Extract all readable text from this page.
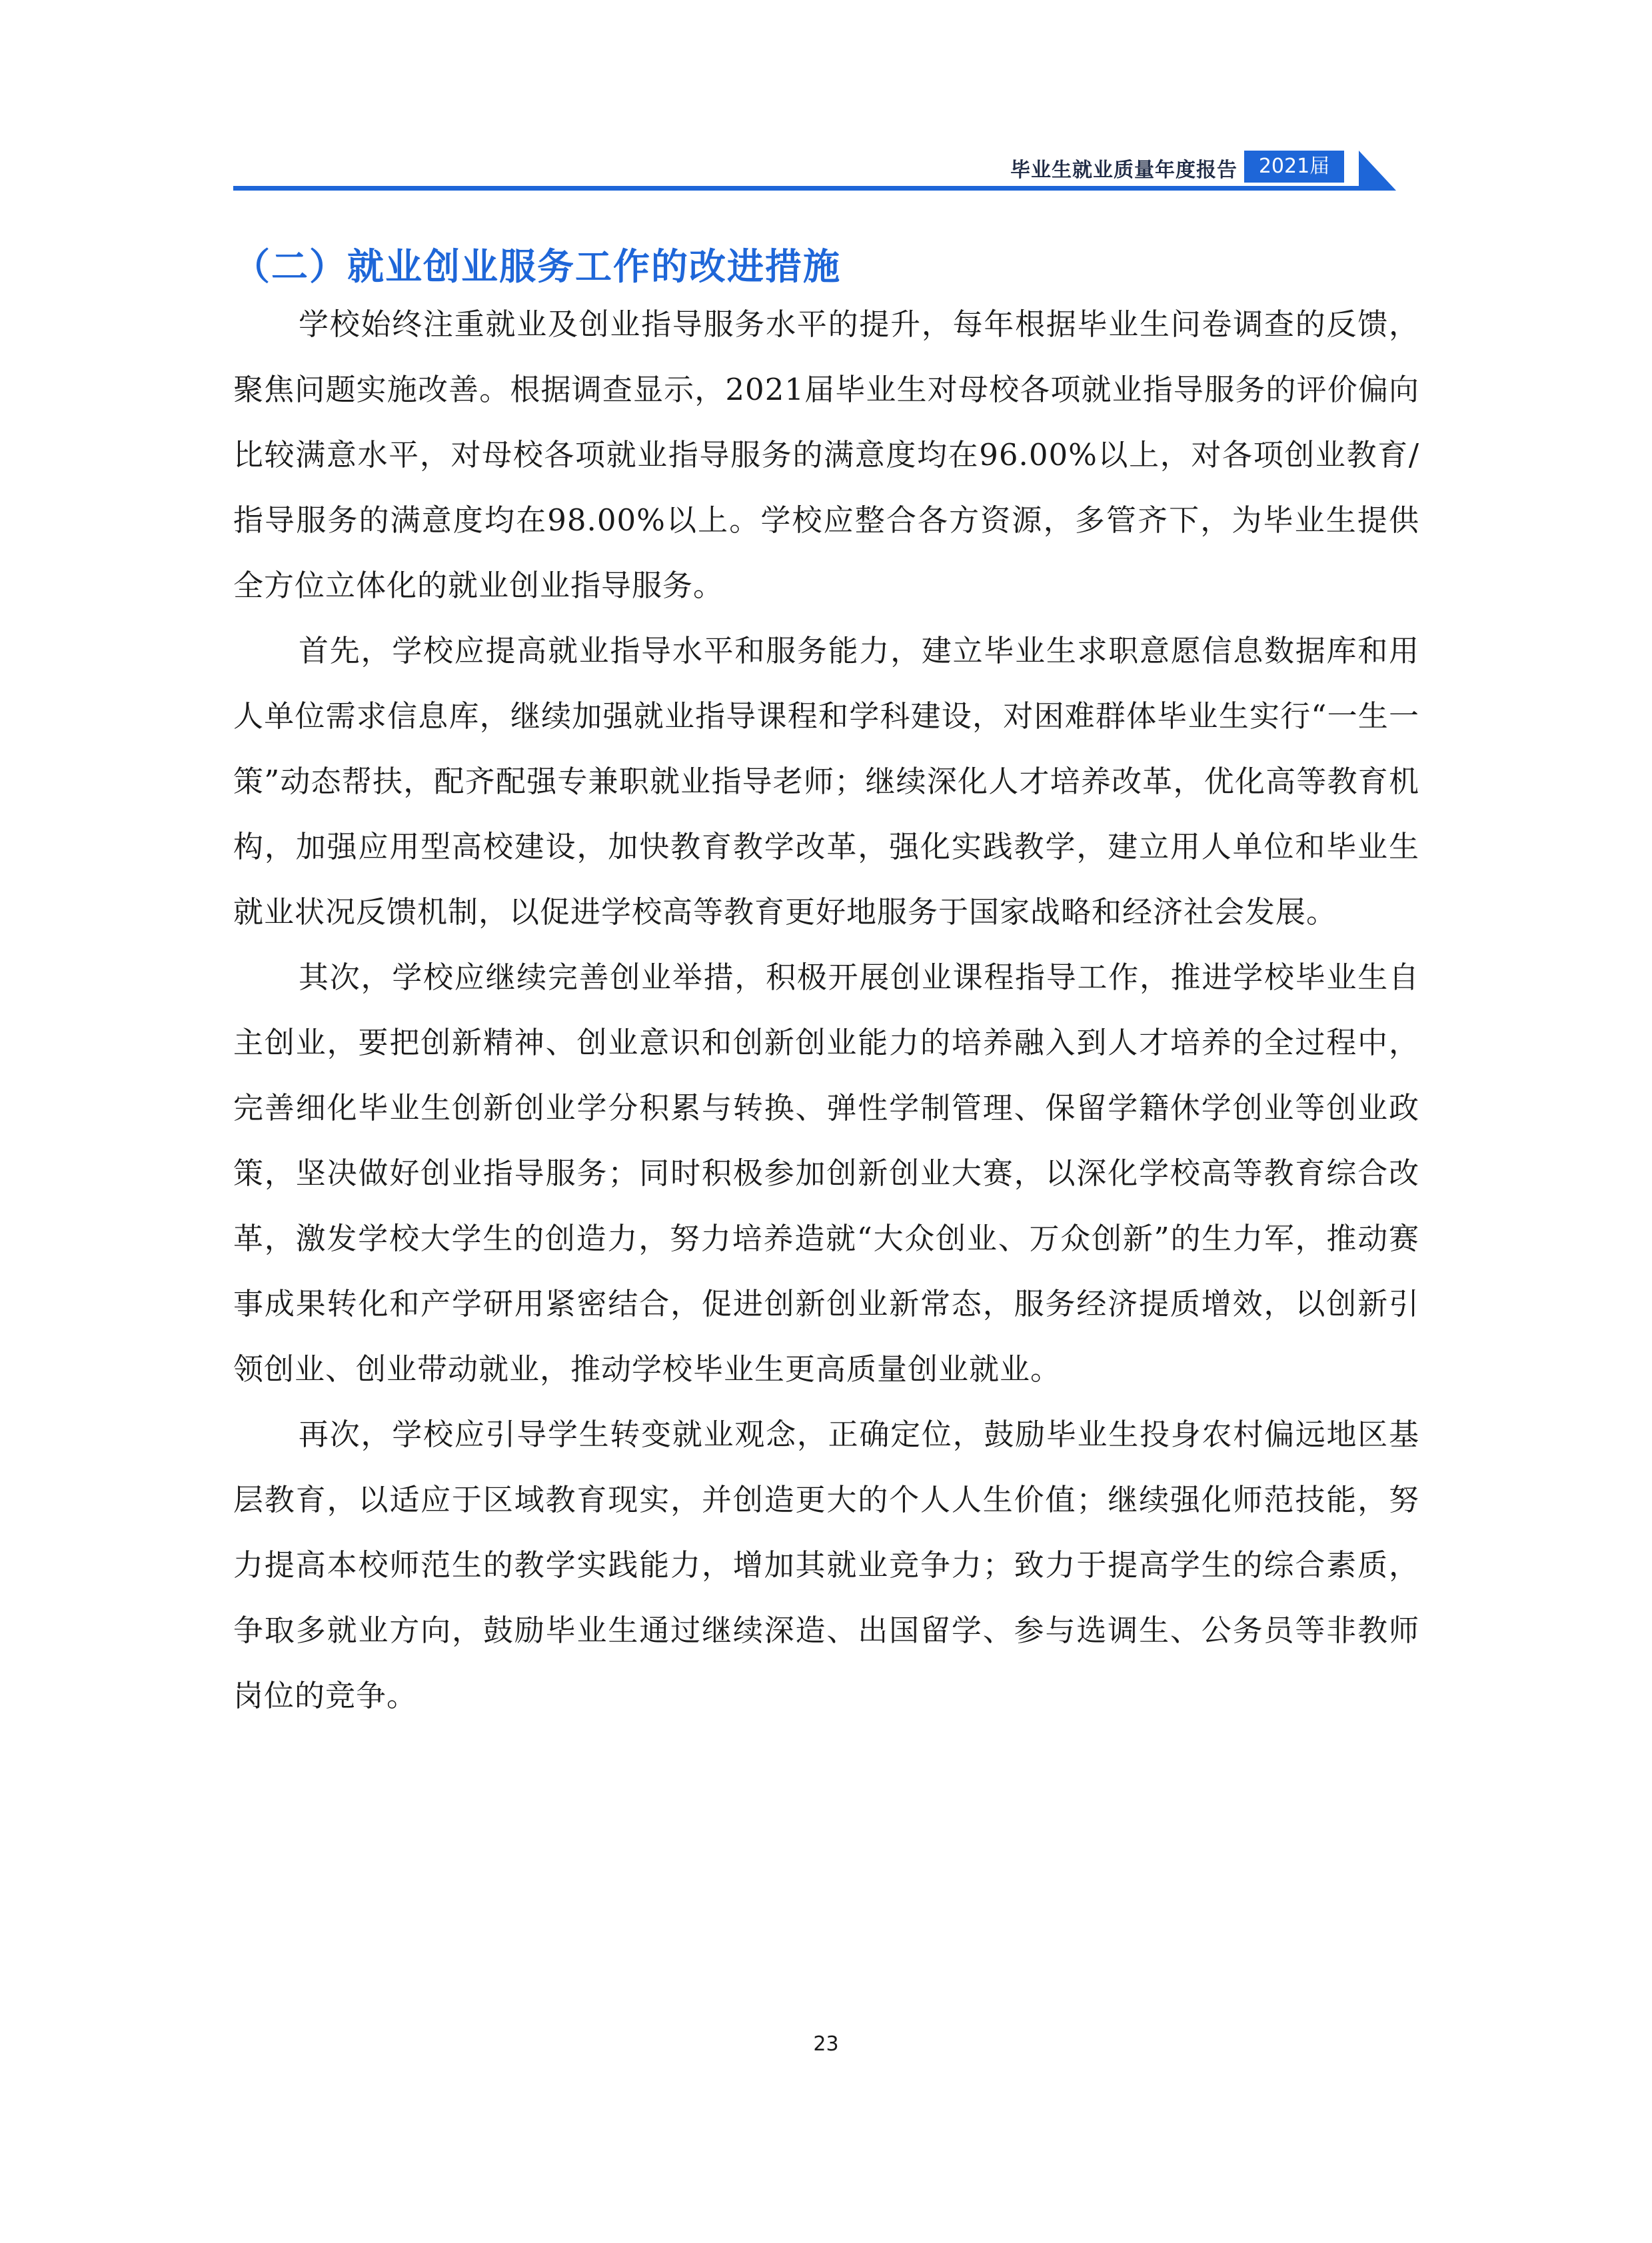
毕业生就业质量年度报告	2021届
（二）就业创业服务工作的改进措施

学校始终注重就业及创业指导服务水平的提升，每年根据毕业生问卷调查的反馈，聚焦问题实施改善。根据调查显示，2021届毕业生对母校各项就业指导服务的评价偏向比较满意水平，对母校各项就业指导服务的满意度均在96.00%以上，对各项创业教育/指导服务的满意度均在98.00%以上。学校应整合各方资源，多管齐下，为毕业生提供全方位立体化的就业创业指导服务。

首先，学校应提高就业指导水平和服务能力，建立毕业生求职意愿信息数据库和用人单位需求信息库，继续加强就业指导课程和学科建设，对困难群体毕业生实行“一生一策”动态帮扶，配齐配强专兼职就业指导老师；继续深化人才培养改革，优化高等教育机构，加强应用型高校建设，加快教育教学改革，强化实践教学，建立用人单位和毕业生就业状况反馈机制，以促进学校高等教育更好地服务于国家战略和经济社会发展。

其次，学校应继续完善创业举措，积极开展创业课程指导工作，推进学校毕业生自主创业，要把创新精神、创业意识和创新创业能力的培养融入到人才培养的全过程中，完善细化毕业生创新创业学分积累与转换、弹性学制管理、保留学籍休学创业等创业政策，坚决做好创业指导服务；同时积极参加创新创业大赛，以深化学校高等教育综合改革，激发学校大学生的创造力，努力培养造就“大众创业、万众创新”的生力军，推动赛事成果转化和产学研用紧密结合，促进创新创业新常态，服务经济提质增效，以创新引领创业、创业带动就业，推动学校毕业生更高质量创业就业。

再次，学校应引导学生转变就业观念，正确定位，鼓励毕业生投身农村偏远地区基层教育，以适应于区域教育现实，并创造更大的个人人生价值；继续强化师范技能，努力提高本校师范生的教学实践能力，增加其就业竞争力；致力于提高学生的综合素质，争取多就业方向，鼓励毕业生通过继续深造、出国留学、参与选调生、公务员等非教师岗位的竞争。

23
